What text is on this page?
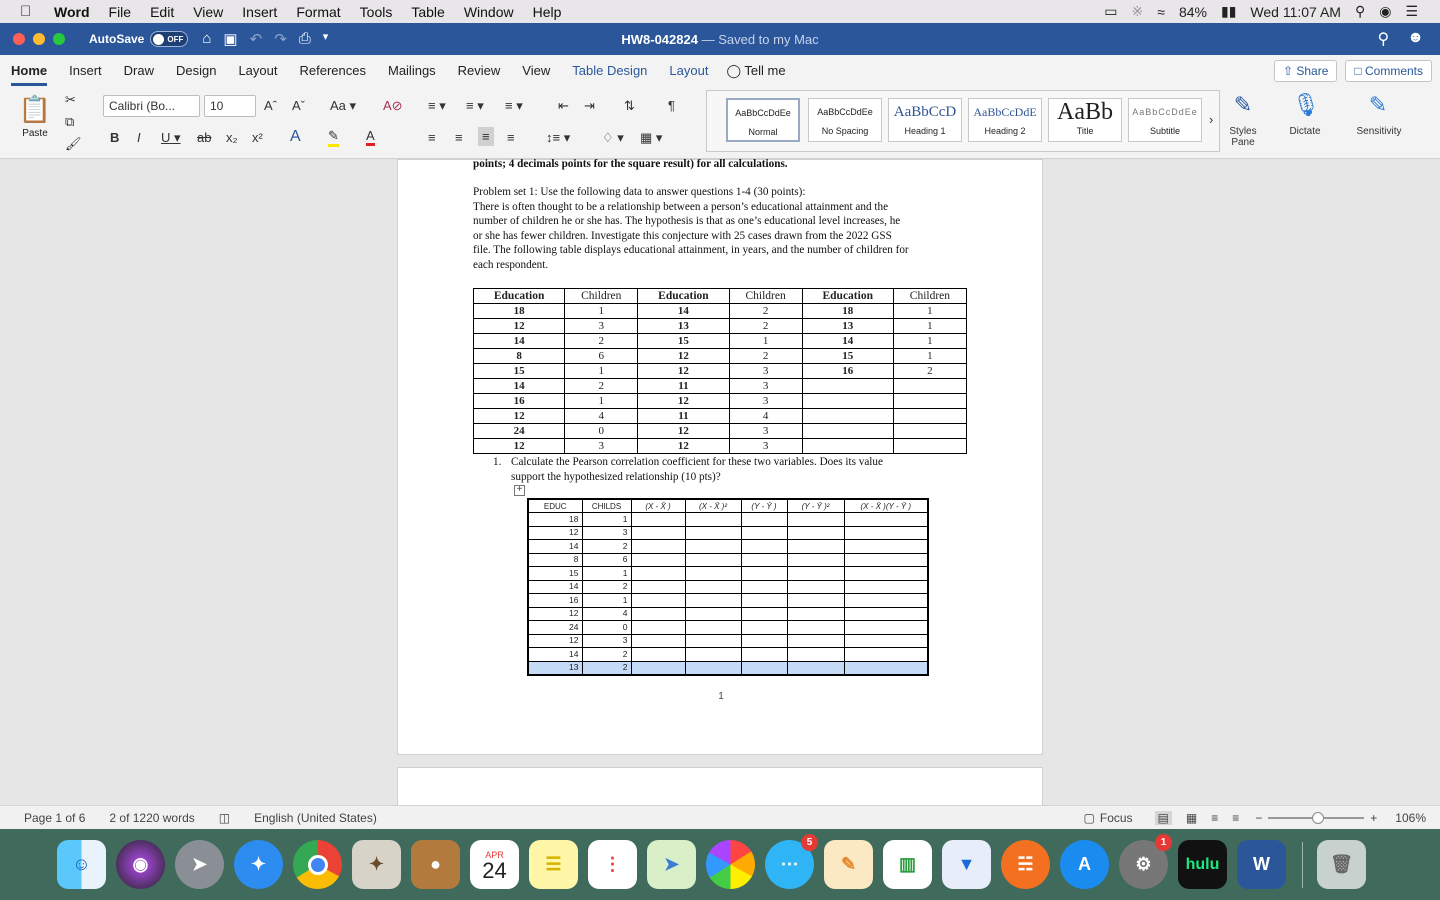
Word File Edit View Insert Format Tools Table Window Help	▭ ※ ≈ 84% ▮▮ Wed 11:07 AM ⚲ ◉ ☰
AutoSave	OFF ⌂ ▣ ↶ ↷ ⎙ ▾	HW8-042824 — Saved to my Mac	⚲ ☻
Home Insert Draw Design Layout References Mailings Review View Table Design Layout ◯ Tell me	⇧ Share	□ Comments
📋
Paste
✂
⧉
🖌
Calibri (Bo...	10	Aˆ Aˇ Aa ▾ A⊘
B I U ▾ ab x₂ x² A ✎ A
≡ ▾ ≡ ▾ ≡ ▾	⇤ ⇥ ⇅	¶
≡ ≡	≡	≡ ↕≡ ▾ ♢ ▾ ▦ ▾
AaBbCcDdEe
Normal
AaBbCcDdEe
No Spacing
AaBbCcD
Heading 1
AaBbCcDdE
Heading 2
AaBb
Title
AaBbCcDdEe
Subtitle
›
✎
Styles Pane
🎙
Dictate
✎
Sensitivity
points; 4 decimals points for the square result) for all calculations.
Problem set 1: Use the following data to answer questions 1-4 (30 points):
There is often thought to be a relationship between a person’s educational attainment and the
number of children he or she has. The hypothesis is that as one’s educational level increases, he
or she has fewer children. Investigate this conjecture with 25 cases drawn from the 2022 GSS
file. The following table displays educational attainment, in years, and the number of children for
each respondent.
Education	Children	Education	Children	Education	Children
18	1	14	2	18	1
12	3	13	2	13	1
14	2	15	1	14	1
8	6	12	2	15	1
15	1	12	3	16	2
14	2	11	3		
16	1	12	3		
12	4	11	4		
24	0	12	3		
12	3	12	3		
1. Calculate the Pearson correlation coefficient for these two variables. Does its value
support the hypothesized relationship (10 pts)?
+
EDUC	CHILDS	(X - X̄ )	(X - X̄ )²	(Y - Ȳ )	(Y - Ȳ )²	(X - X̄ )(Y - Ȳ )
18	1					
12	3					
14	2					
8	6					
15	1					
14	2					
16	1					
12	4					
24	0					
12	3					
14	2					
13	2					
1
Page 1 of 6 2 of 1220 words ◫ English (United States)	▢ Focus ▤ ▦ ≡ ≡ −	+ 106%
☺	◉	➤	✦	✦	●	APR
24	☰	⋮	➤	⋯
5
✎	▥	▼	☵	A	⚙
1
hulu W	🗑
